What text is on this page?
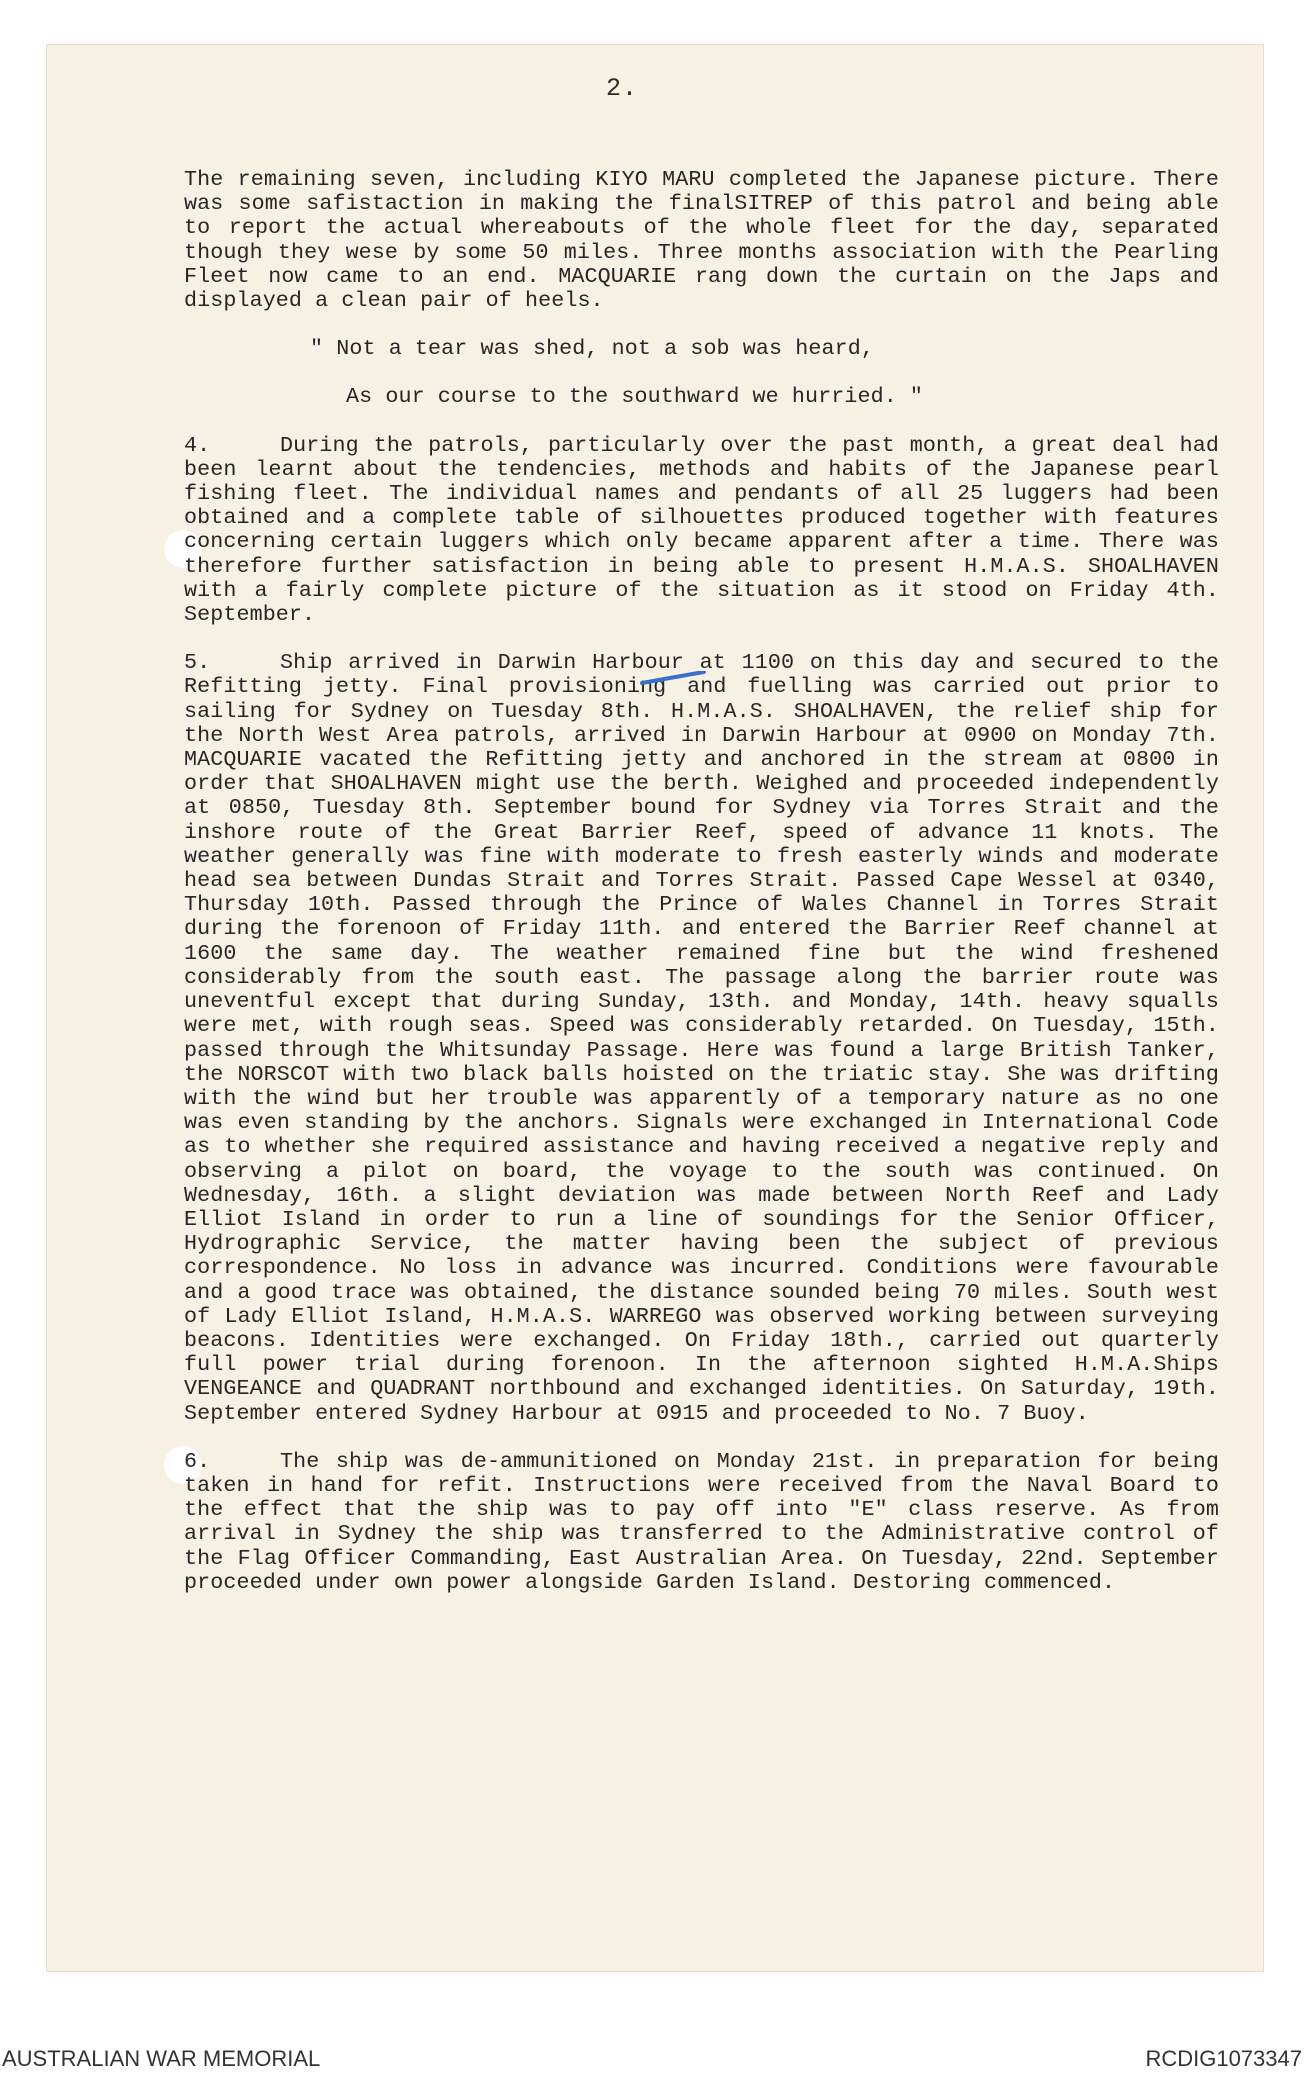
2.

The remaining seven, including KIYO MARU completed the Japanese picture. There was some safistaction in making the finalSITREP of this patrol and being able to report the actual whereabouts of the whole fleet for the day, separated though they wese by some 50 miles. Three months association with the Pearling Fleet now came to an end. MACQUARIE rang down the curtain on the Japs and displayed a clean pair of heels.

" Not a tear was shed, not a sob was heard,
As our course to the southward we hurried. "

4.	During the patrols, particularly over the past month, a great deal had been learnt about the tendencies, methods and habits of the Japanese pearl fishing fleet. The individual names and pendants of all 25 luggers had been obtained and a complete table of silhouettes produced together with features concerning certain luggers which only became apparent after a time. There was therefore further satisfaction in being able to present H.M.A.S. SHOALHAVEN with a fairly complete picture of the situation as it stood on Friday 4th. September.

5.	Ship arrived in Darwin Harbour at 1100 on this day and secured to the Refitting jetty. Final provisioning and fuelling was carried out prior to sailing for Sydney on Tuesday 8th. H.M.A.S. SHOALHAVEN, the relief ship for the North West Area patrols, arrived in Darwin Harbour at 0900 on Monday 7th. MACQUARIE vacated the Refitting jetty and anchored in the stream at 0800 in order that SHOALHAVEN might use the berth. Weighed and proceeded independently at 0850, Tuesday 8th. September bound for Sydney via Torres Strait and the inshore route of the Great Barrier Reef, speed of advance 11 knots. The weather generally was fine with moderate to fresh easterly winds and moderate head sea between Dundas Strait and Torres Strait. Passed Cape Wessel at 0340, Thursday 10th. Passed through the Prince of Wales Channel in Torres Strait during the forenoon of Friday 11th. and entered the Barrier Reef channel at 1600 the same day. The weather remained fine but the wind freshened considerably from the south east. The passage along the barrier route was uneventful except that during Sunday, 13th. and Monday, 14th. heavy squalls were met, with rough seas. Speed was considerably retarded. On Tuesday, 15th. passed through the Whitsunday Passage. Here was found a large British Tanker, the NORSCOT with two black balls hoisted on the triatic stay. She was drifting with the wind but her trouble was apparently of a temporary nature as no one was even standing by the anchors. Signals were exchanged in International Code as to whether she required assistance and having received a negative reply and observing a pilot on board, the voyage to the south was continued. On Wednesday, 16th. a slight deviation was made between North Reef and Lady Elliot Island in order to run a line of soundings for the Senior Officer, Hydrographic Service, the matter having been the subject of previous correspondence. No loss in advance was incurred. Conditions were favourable and a good trace was obtained, the distance sounded being 70 miles. South west of Lady Elliot Island, H.M.A.S. WARREGO was observed working between surveying beacons. Identities were exchanged. On Friday 18th., carried out quarterly full power trial during forenoon. In the afternoon sighted H.M.A.Ships VENGEANCE and QUADRANT northbound and exchanged identities. On Saturday, 19th. September entered Sydney Harbour at 0915 and proceeded to No. 7 Buoy.

6.	The ship was de-ammunitioned on Monday 21st. in preparation for being taken in hand for refit. Instructions were received from the Naval Board to the effect that the ship was to pay off into "E" class reserve. As from arrival in Sydney the ship was transferred to the Administrative control of the Flag Officer Commanding, East Australian Area. On Tuesday, 22nd. September proceeded under own power alongside Garden Island. Destoring commenced.

AUSTRALIAN WAR MEMORIAL	RCDIG1073347
